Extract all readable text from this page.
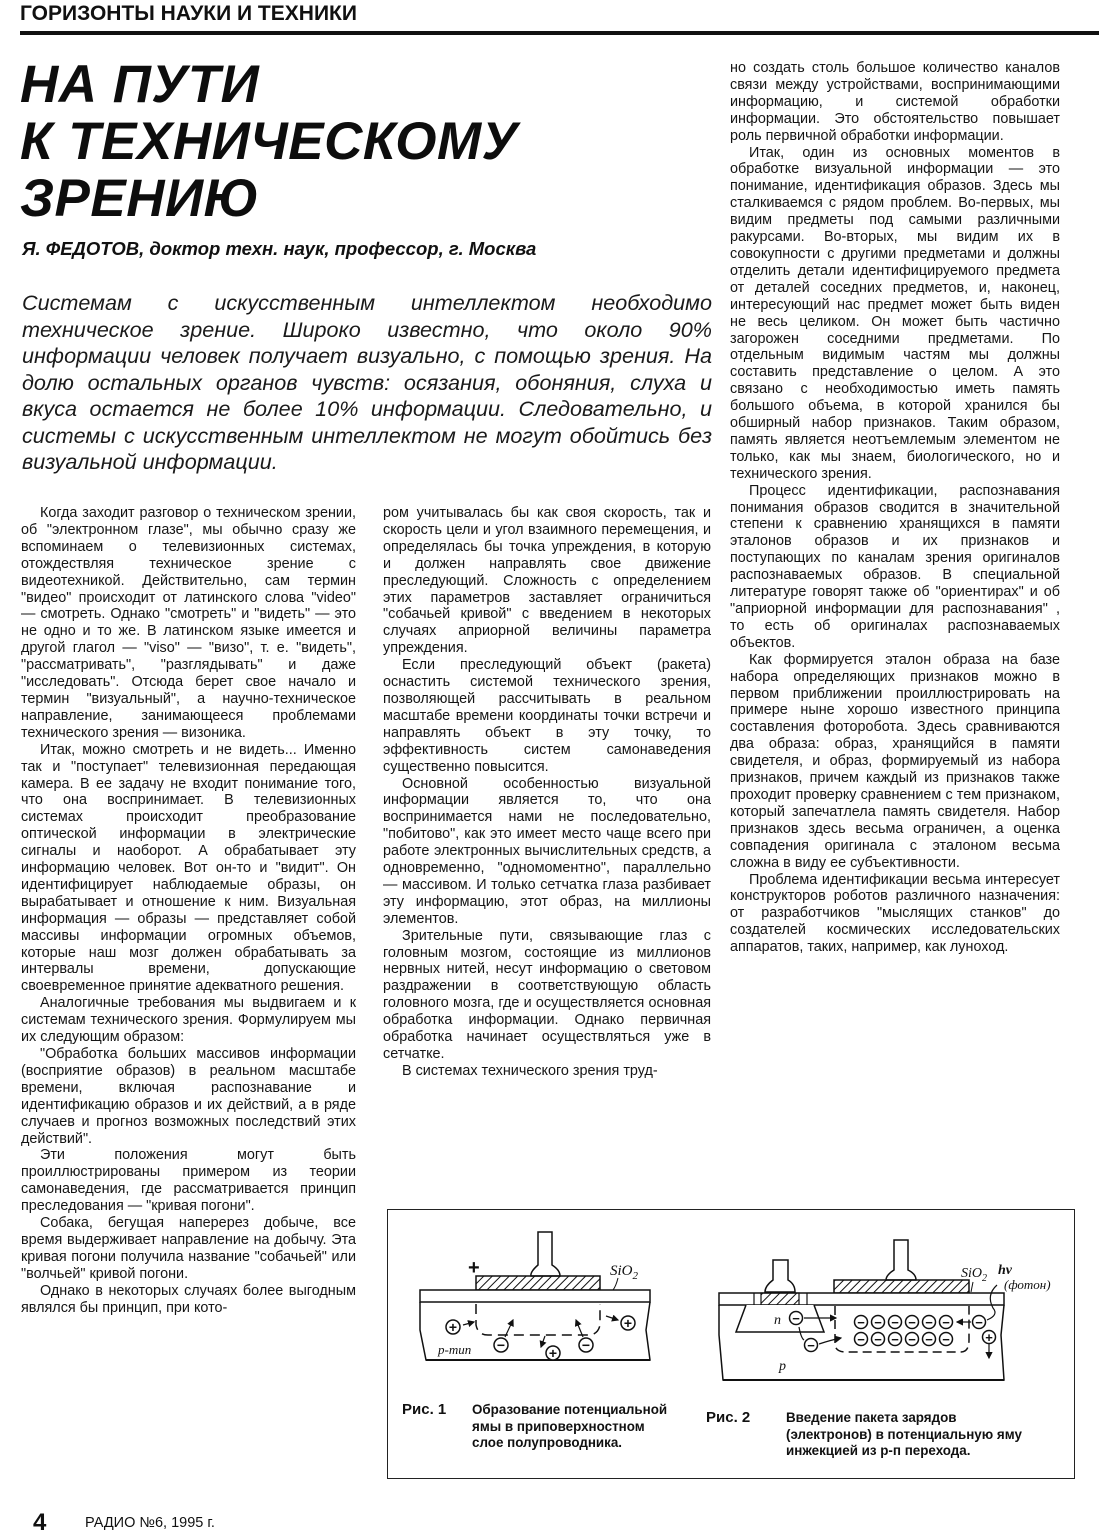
ГОРИЗОНТЫ НАУКИ И ТЕХНИКИ
НА ПУТИ
К ТЕХНИЧЕСКОМУ
ЗРЕНИЮ
Я. ФЕДОТОВ, доктор техн. наук, профессор, г. Москва
Системам с искусственным интеллектом необходимо техническое зрение. Широко известно, что около 90% информации человек получает визуально, с помощью зрения. На долю остальных органов чувств: осязания, обоняния, слуха и вкуса остается не более 10% информации. Следовательно, и системы с искусственным интеллектом не могут обойтись без визуальной информации.

Когда заходит разговор о техническом зрении, об "электронном глазе", мы обычно сразу же вспоминаем о телевизионных системах, отождествляя техническое зрение с видеотехникой. Действительно, сам термин "видео" происходит от латинского слова "video" — смотреть. Однако "смотреть" и "видеть" — это не одно и то же. В латинском языке имеется и другой глагол — "viso" — "визо", т. е. "видеть", "рассматривать", "разглядывать" и даже "исследовать". Отсюда берет свое начало и термин "визуальный", а научно-техническое направление, занимающееся проблемами технического зрения — визоника.

Итак, можно смотреть и не видеть... Именно так и "поступает" телевизионная передающая камера. В ее задачу не входит понимание того, что она воспринимает. В телевизионных системах происходит преобразование оптической информации в электрические сигналы и наоборот. А обрабатывает эту информацию человек. Вот он-то и "видит". Он идентифицирует наблюдаемые образы, он вырабатывает и отношение к ним. Визуальная информация — образы — представляет собой массивы информации огромных объемов, которые наш мозг должен обрабатывать за интервалы времени, допускающие своевременное принятие адекватного решения.

Аналогичные требования мы выдвигаем и к системам технического зрения. Формулируем мы их следующим образом:

"Обработка больших массивов информации (восприятие образов) в реальном масштабе времени, включая распознавание и идентификацию образов и их действий, а в ряде случаев и прогноз возможных последствий этих действий".

Эти положения могут быть проиллюстрированы примером из теории самонаведения, где рассматривается принцип преследования — "кривая погони".

Собака, бегущая наперерез добыче, все время выдерживает направление на добычу. Эта кривая погони получила название "собачьей" или "волчьей" кривой погони.

Однако в некоторых случаях более выгодным являлся бы принцип, при кото-

ром учитывалась бы как своя скорость, так и скорость цели и угол взаимного перемещения, и определялась бы точка упреждения, в которую и должен направлять свое движение преследующий. Сложность с определением этих параметров заставляет ограничиться "собачьей кривой" с введением в некоторых случаях априорной величины параметра упреждения.

Если преследующий объект (ракета) оснастить системой технического зрения, позволяющей рассчитывать в реальном масштабе времени координаты точки встречи и направлять объект в эту точку, то эффективность систем самонаведения существенно повысится.

Основной особенностью визуальной информации является то, что она воспринимается нами не последовательно, "побитово", как это имеет место чаще всего при работе электронных вычислительных средств, а одновременно, "одномоментно", параллельно — массивом. И только сетчатка глаза разбивает эту информацию, этот образ, на миллионы элементов.

Зрительные пути, связывающие глаз с головным мозгом, состоящие из миллионов нервных нитей, несут информацию о световом раздражении в соответствующую область головного мозга, где и осуществляется основная обработка информации. Однако первичная обработка начинает осуществляться уже в сетчатке.

В системах технического зрения труд-

но создать столь большое количество каналов связи между устройствами, воспринимающими информацию, и системой обработки информации. Это обстоятельство повышает роль первичной обработки информации.

Итак, один из основных моментов в обработке визуальной информации — это понимание, идентификация образов. Здесь мы сталкиваемся с рядом проблем. Во-первых, мы видим предметы под самыми различными ракурсами. Во-вторых, мы видим их в совокупности с другими предметами и должны отделить детали идентифицируемого предмета от деталей соседних предметов, и, наконец, интересующий нас предмет может быть виден не весь целиком. Он может быть частично загорожен соседними предметами. По отдельным видимым частям мы должны составить представление о целом. А это связано с необходимостью иметь память большого объема, в которой хранился бы обширный набор признаков. Таким образом, память является неотъемлемым элементом не только, как мы знаем, биологического, но и технического зрения.

Процесс идентификации, распознавания понимания образов сводится в значительной степени к сравнению хранящихся в памяти эталонов образов и их признаков и поступающих по каналам зрения оригиналов распознаваемых образов. В специальной литературе говорят также об "ориентирах" и об "априорной информации для распознавания" , то есть об оригиналах распознаваемых объектов.

Как формируется эталон образа на базе набора определяющих признаков можно в первом приближении проиллюстрировать на примере ныне хорошо известного принципа составления фоторобота. Здесь сравниваются два образа: образ, хранящийся в памяти свидетеля, и образ, формируемый из набора признаков, причем каждый из признаков также проходит проверку сравнением с тем признаком, который запечатлела память свидетеля. Набор признаков здесь весьма ограничен, а оценка совпадения оригинала с эталоном весьма сложна в виду ее субъективности.

Проблема идентификации весьма интересует конструкторов роботов различного назначения: от разработчиков "мыслящих станков" до создателей космических исследовательских аппаратов, таких, например, как луноход.

+	SiO$_2$
+	+
+
−	−
р-тип
Рис. 1 Образование потенциальной ямы в приповерхностном слое полупроводника.
n −
−
− − − − − −
− − − − − −
−
+
SiO$_2$
hν
(фотон)
p
Рис. 2	Введение пакета зарядов (электронов) в потенциальную яму инжекцией из р-п перехода.
4	РАДИО №6, 1995 г.
